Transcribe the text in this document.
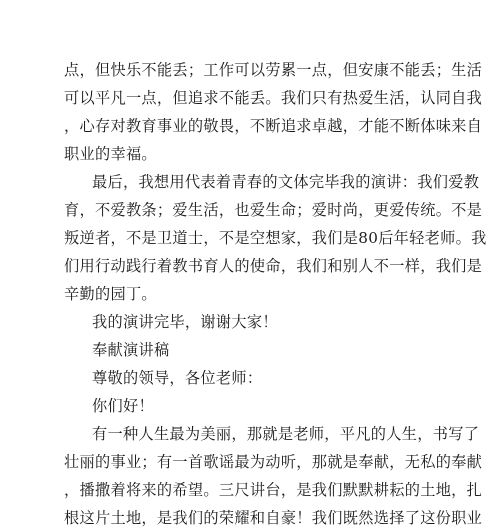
点，但快乐不能丢；工作可以劳累一点，但安康不能丢；生活
可以平凡一点，但追求不能丢。我们只有热爱生活，认同自我
，心存对教育事业的敬畏，不断追求卓越，才能不断体味来自
职业的幸福。
最后，我想用代表着青春的文体完毕我的演讲：我们爱教
育，不爱教条；爱生活，也爱生命；爱时尚，更爱传统。不是
叛逆者，不是卫道士，不是空想家，我们是80后年轻老师。我
们用行动践行着教书育人的使命，我们和别人不一样，我们是
辛勤的园丁。
我的演讲完毕，谢谢大家！
奉献演讲稿
尊敬的领导，各位老师：
你们好！
有一种人生最为美丽，那就是老师，平凡的人生，书写了
壮丽的事业；有一首歌谣最为动听，那就是奉献，无私的奉献
，播撒着将来的希望。三尺讲台，是我们默默耕耘的土地，扎
根这片土地，是我们的荣耀和自豪！我们既然选择了这份职业
